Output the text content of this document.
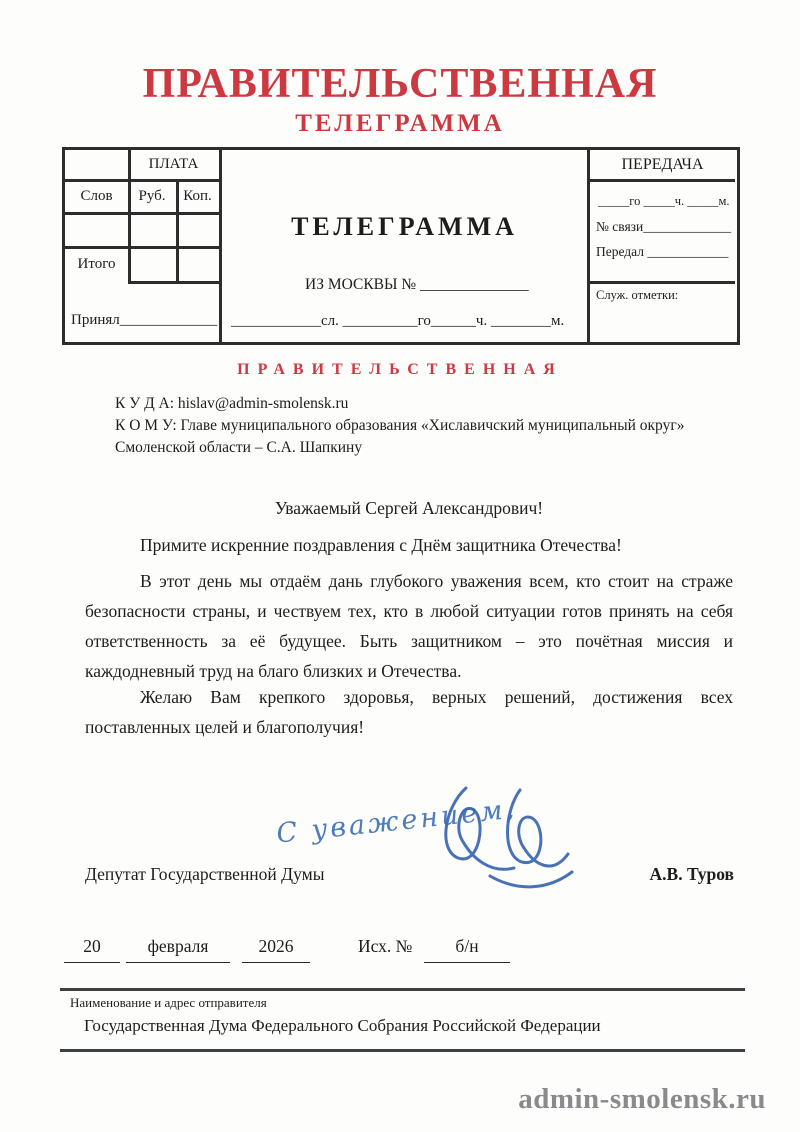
ПРАВИТЕЛЬСТВЕННАЯ
ТЕЛЕГРАММА
ПЛАТА
Слов	Руб.	Коп.
Итого
Принял_____________
ТЕЛЕГРАММА
ИЗ МОСКВЫ № ______________
____________сл. __________го______ч. ________м.
ПЕРЕДАЧА
_____го _____ч. _____м.
№ связи_____________
Передал ____________
Служ. отметки:
ПРАВИТЕЛЬСТВЕННАЯ
К У Д А: hislav@admin-smolensk.ru
К О М У: Главе муниципального образования «Хиславичский муниципальный округ» Смоленской области – С.А. Шапкину
Уважаемый Сергей Александрович!
Примите искренние поздравления с Днём защитника Отечества!
В этот день мы отдаём дань глубокого уважения всем, кто стоит на страже безопасности страны, и чествуем тех, кто в любой ситуации готов принять на себя ответственность за её будущее. Быть защитником – это почётная миссия и каждодневный труд на благо близких и Отечества.
Желаю Вам крепкого здоровья, верных решений, достижения всех поставленных целей и благополучия!
С уважением,
Депутат Государственной Думы	А.В. Туров
20	февраля	2026	Исх. №	б/н
Наименование и адрес отправителя
Государственная Дума Федерального Собрания Российской Федерации
admin-smolensk.ru
